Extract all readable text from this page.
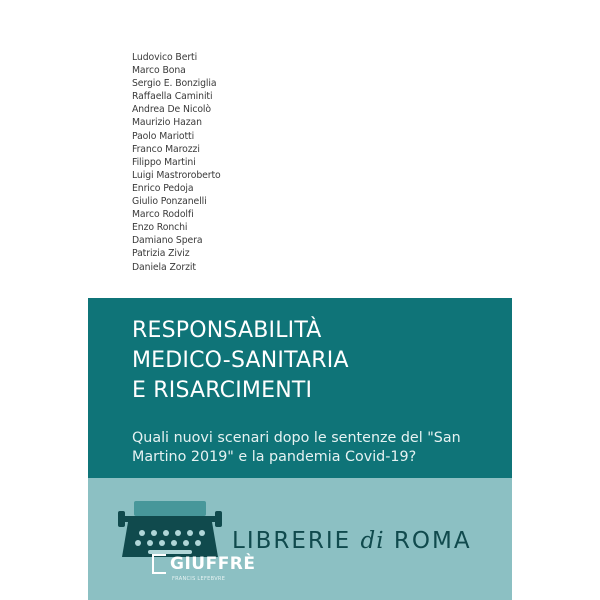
Ludovico Berti
Marco Bona
Sergio E. Bonziglia
Raffaella Caminiti
Andrea De Nicolò
Maurizio Hazan
Paolo Mariotti
Franco Marozzi
Filippo Martini
Luigi Mastroroberto
Enrico Pedoja
Giulio Ponzanelli
Marco Rodolfi
Enzo Ronchi
Damiano Spera
Patrizia Ziviz
Daniela Zorzit
RESPONSABILITÀ
MEDICO-SANITARIA
E RISARCIMENTI

Quali nuovi scenari dopo le sentenze del "San Martino 2019" e la pandemia Covid-19?

GIUFFRÈ
FRANCIS LEFEBVRE
LIBRERIE di ROMA
